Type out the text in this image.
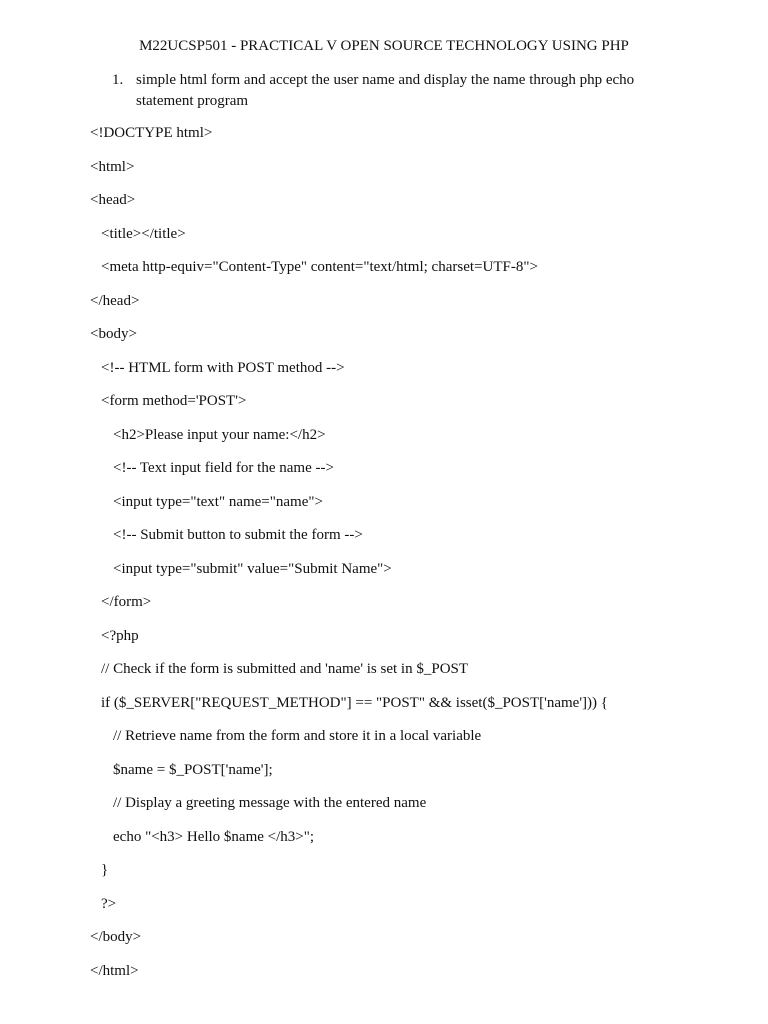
M22UCSP501 - PRACTICAL V OPEN SOURCE TECHNOLOGY USING PHP
1. simple html form and accept the user name and display the name through php echo statement program
<!DOCTYPE html>
<html>
<head>
<title></title>
<meta http-equiv="Content-Type" content="text/html; charset=UTF-8">
</head>
<body>
<!-- HTML form with POST method -->
<form method='POST'>
<h2>Please input your name:</h2>
<!-- Text input field for the name -->
<input type="text" name="name">
<!-- Submit button to submit the form -->
<input type="submit" value="Submit Name">
</form>
<?php
// Check if the form is submitted and 'name' is set in $_POST
if ($_SERVER["REQUEST_METHOD"] == "POST" && isset($_POST['name'])) {
// Retrieve name from the form and store it in a local variable
$name = $_POST['name'];
// Display a greeting message with the entered name
echo "<h3> Hello $name </h3>";
}
?>
</body>
</html>
